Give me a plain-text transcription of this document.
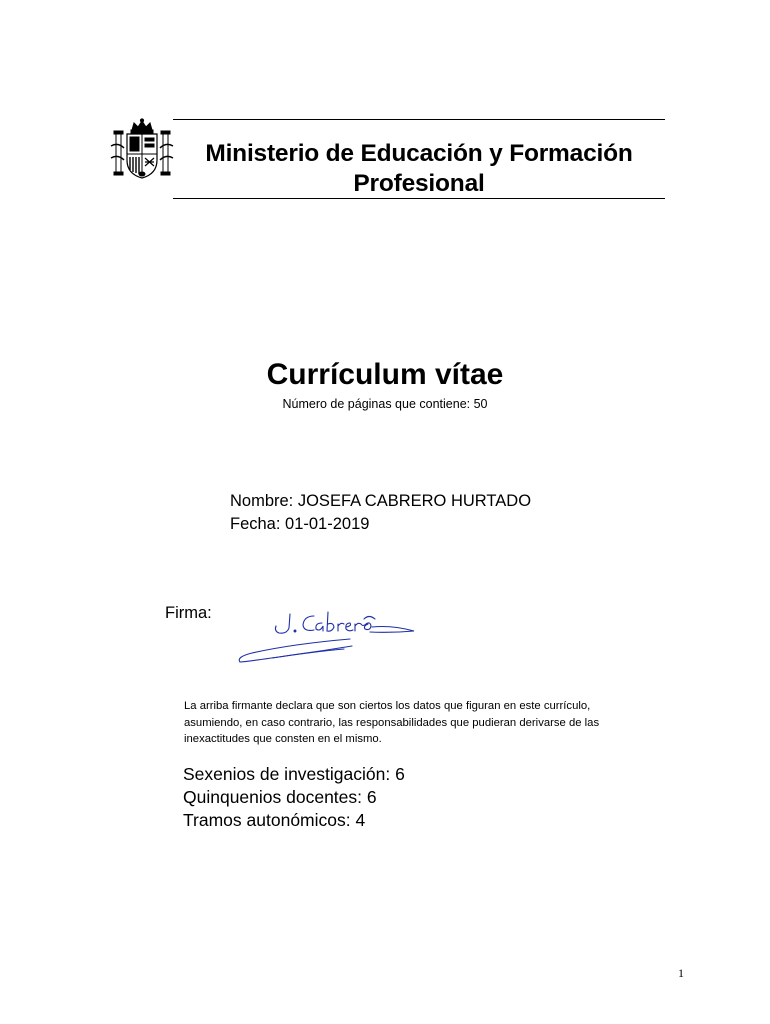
Ministerio de Educación y Formación
Profesional
Currículum vítae
Número de páginas que contiene: 50
Nombre: JOSEFA CABRERO HURTADO
Fecha: 01-01-2019
Firma:
La arriba firmante declara que son ciertos los datos que figuran en este currículo,
asumiendo, en caso contrario, las responsabilidades que pudieran derivarse de las
inexactitudes que consten en el mismo.
Sexenios de investigación: 6
Quinquenios docentes: 6
Tramos autonómicos: 4
1
